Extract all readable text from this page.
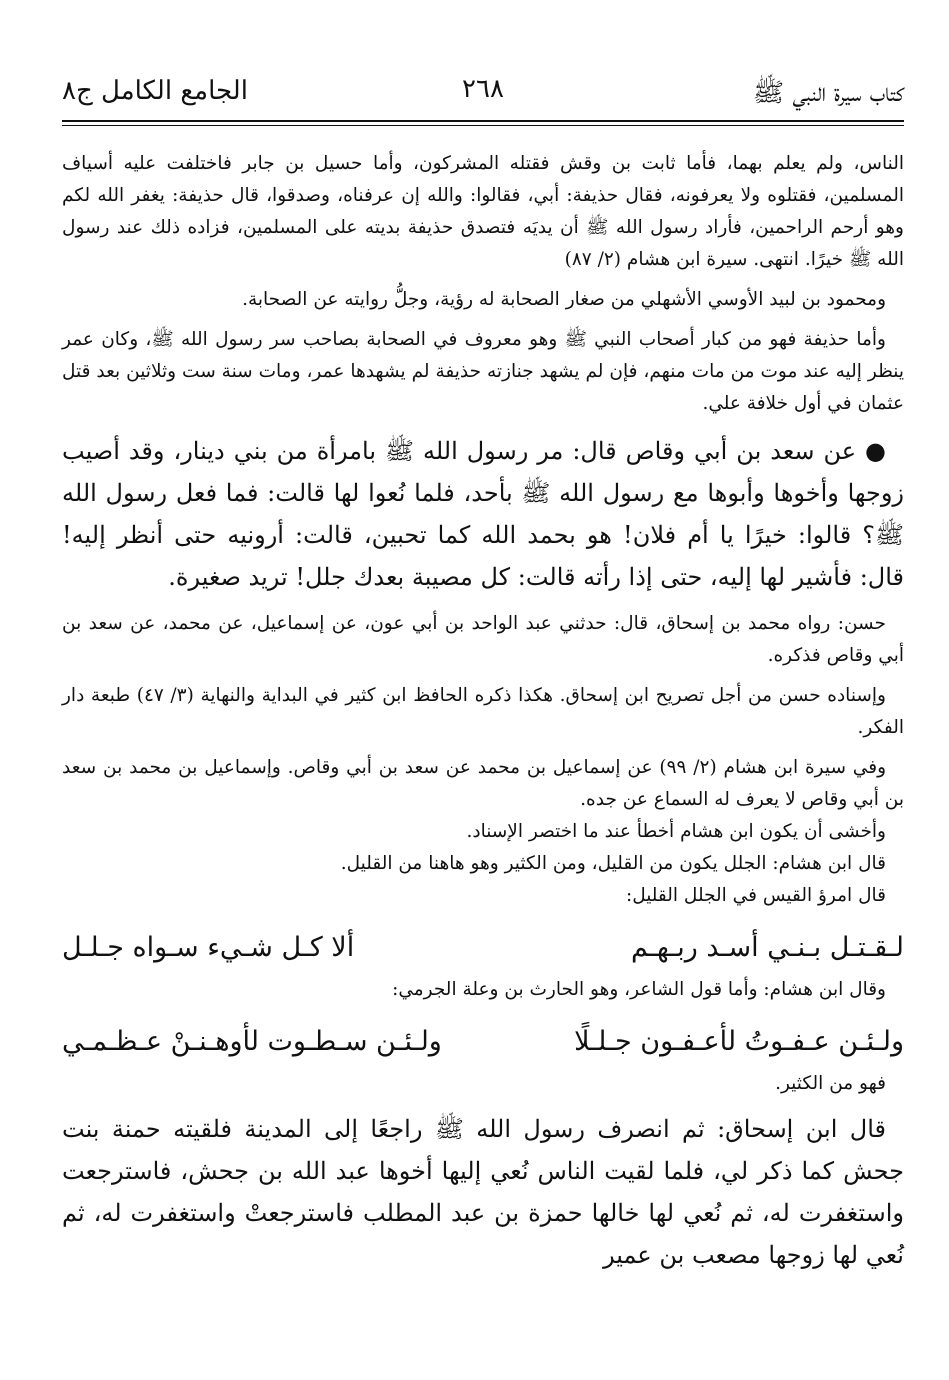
كتاب سيرة النبي ﷺ
٢٦٨
الجامع الكامل ج٨

الناس، ولم يعلم بهما، فأما ثابت بن وقش فقتله المشركون، وأما حسيل بن جابر فاختلفت عليه أسياف المسلمين، فقتلوه ولا يعرفونه، فقال حذيفة: أبي، فقالوا: والله إن عرفناه، وصدقوا، قال حذيفة: يغفر الله لكم وهو أرحم الراحمين، فأراد رسول الله ﷺ أن يديَه فتصدق حذيفة بديته على المسلمين، فزاده ذلك عند رسول الله ﷺ خيرًا. انتهى. سيرة ابن هشام (٢/ ٨٧)

ومحمود بن لبيد الأوسي الأشهلي من صغار الصحابة له رؤية، وجلُّ روايته عن الصحابة.

وأما حذيفة فهو من كبار أصحاب النبي ﷺ وهو معروف في الصحابة بصاحب سر رسول الله ﷺ، وكان عمر ينظر إليه عند موت من مات منهم، فإن لم يشهد جنازته حذيفة لم يشهدها عمر، ومات سنة ست وثلاثين بعد قتل عثمان في أول خلافة علي.

● عن سعد بن أبي وقاص قال: مر رسول الله ﷺ بامرأة من بني دينار، وقد أصيب زوجها وأخوها وأبوها مع رسول الله ﷺ بأحد، فلما نُعوا لها قالت: فما فعل رسول الله ﷺ؟ قالوا: خيرًا يا أم فلان! هو بحمد الله كما تحبين، قالت: أرونيه حتى أنظر إليه! قال: فأشير لها إليه، حتى إذا رأته قالت: كل مصيبة بعدك جلل! تريد صغيرة.

حسن: رواه محمد بن إسحاق، قال: حدثني عبد الواحد بن أبي عون، عن إسماعيل، عن محمد، عن سعد بن أبي وقاص فذكره.

وإسناده حسن من أجل تصريح ابن إسحاق. هكذا ذكره الحافظ ابن كثير في البداية والنهاية (٣/ ٤٧) طبعة دار الفكر.

وفي سيرة ابن هشام (٢/ ٩٩) عن إسماعيل بن محمد عن سعد بن أبي وقاص. وإسماعيل بن محمد بن سعد بن أبي وقاص لا يعرف له السماع عن جده.

وأخشى أن يكون ابن هشام أخطأ عند ما اختصر الإسناد.

قال ابن هشام: الجلل يكون من القليل، ومن الكثير وهو هاهنا من القليل.

قال امرؤ القيس في الجلل القليل:

لـقـتـل بـنـي أسـد ربـهـم
ألا كـل شـيء سـواه جـلـل

وقال ابن هشام: وأما قول الشاعر، وهو الحارث بن وعلة الجرمي:

ولـئـن عـفـوتُ لأعـفـون جـلـلًا
ولـئـن سـطـوت لأوهـنـنْ عـظـمـي

فهو من الكثير.

قال ابن إسحاق: ثم انصرف رسول الله ﷺ راجعًا إلى المدينة فلقيته حمنة بنت جحش كما ذكر لي، فلما لقيت الناس نُعي إليها أخوها عبد الله بن جحش، فاسترجعت واستغفرت له، ثم نُعي لها خالها حمزة بن عبد المطلب فاسترجعتْ واستغفرت له، ثم نُعي لها زوجها مصعب بن عمير
